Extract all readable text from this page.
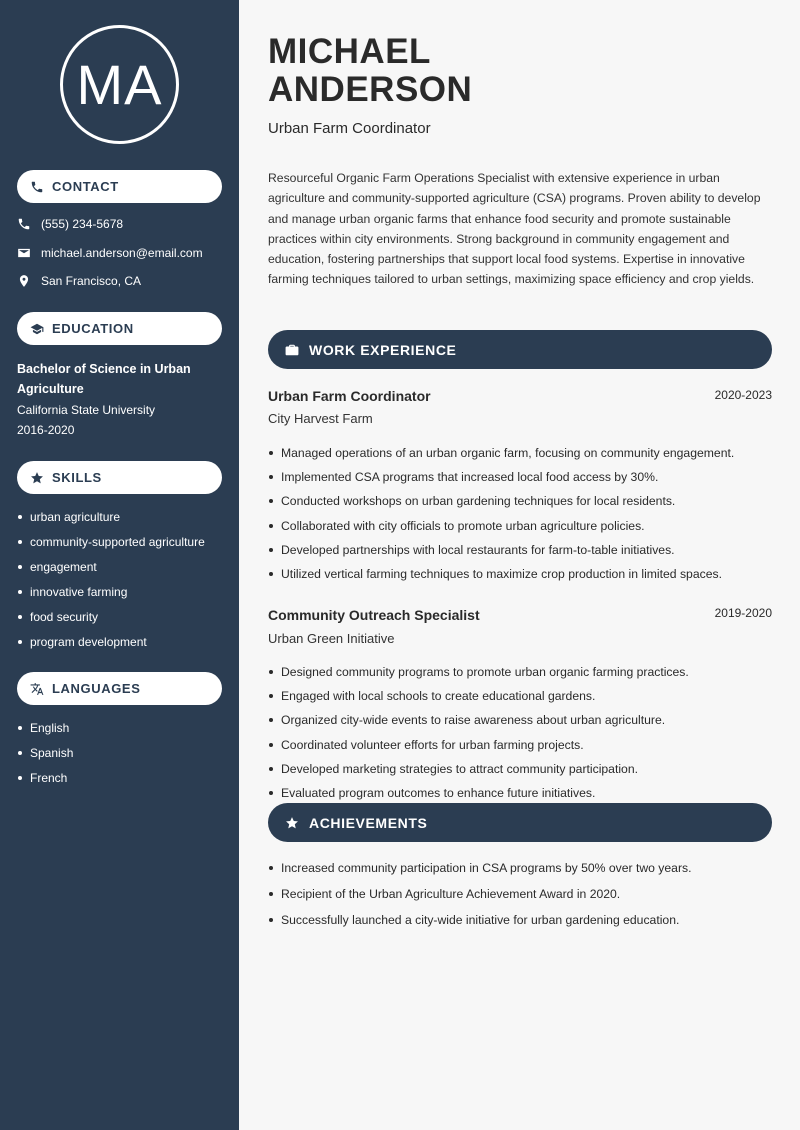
MA
CONTACT
(555) 234-5678
michael.anderson@email.com
San Francisco, CA
EDUCATION
Bachelor of Science in Urban Agriculture
California State University
2016-2020
SKILLS
urban agriculture
community-supported agriculture
engagement
innovative farming
food security
program development
LANGUAGES
English
Spanish
French
MICHAEL
ANDERSON
Urban Farm Coordinator
Resourceful Organic Farm Operations Specialist with extensive experience in urban agriculture and community-supported agriculture (CSA) programs. Proven ability to develop and manage urban organic farms that enhance food security and promote sustainable practices within city environments. Strong background in community engagement and education, fostering partnerships that support local food systems. Expertise in innovative farming techniques tailored to urban settings, maximizing space efficiency and crop yields.
WORK EXPERIENCE
Urban Farm Coordinator	2020-2023
City Harvest Farm
Managed operations of an urban organic farm, focusing on community engagement.
Implemented CSA programs that increased local food access by 30%.
Conducted workshops on urban gardening techniques for local residents.
Collaborated with city officials to promote urban agriculture policies.
Developed partnerships with local restaurants for farm-to-table initiatives.
Utilized vertical farming techniques to maximize crop production in limited spaces.
Community Outreach Specialist	2019-2020
Urban Green Initiative
Designed community programs to promote urban organic farming practices.
Engaged with local schools to create educational gardens.
Organized city-wide events to raise awareness about urban agriculture.
Coordinated volunteer efforts for urban farming projects.
Developed marketing strategies to attract community participation.
Evaluated program outcomes to enhance future initiatives.
ACHIEVEMENTS
Increased community participation in CSA programs by 50% over two years.
Recipient of the Urban Agriculture Achievement Award in 2020.
Successfully launched a city-wide initiative for urban gardening education.
